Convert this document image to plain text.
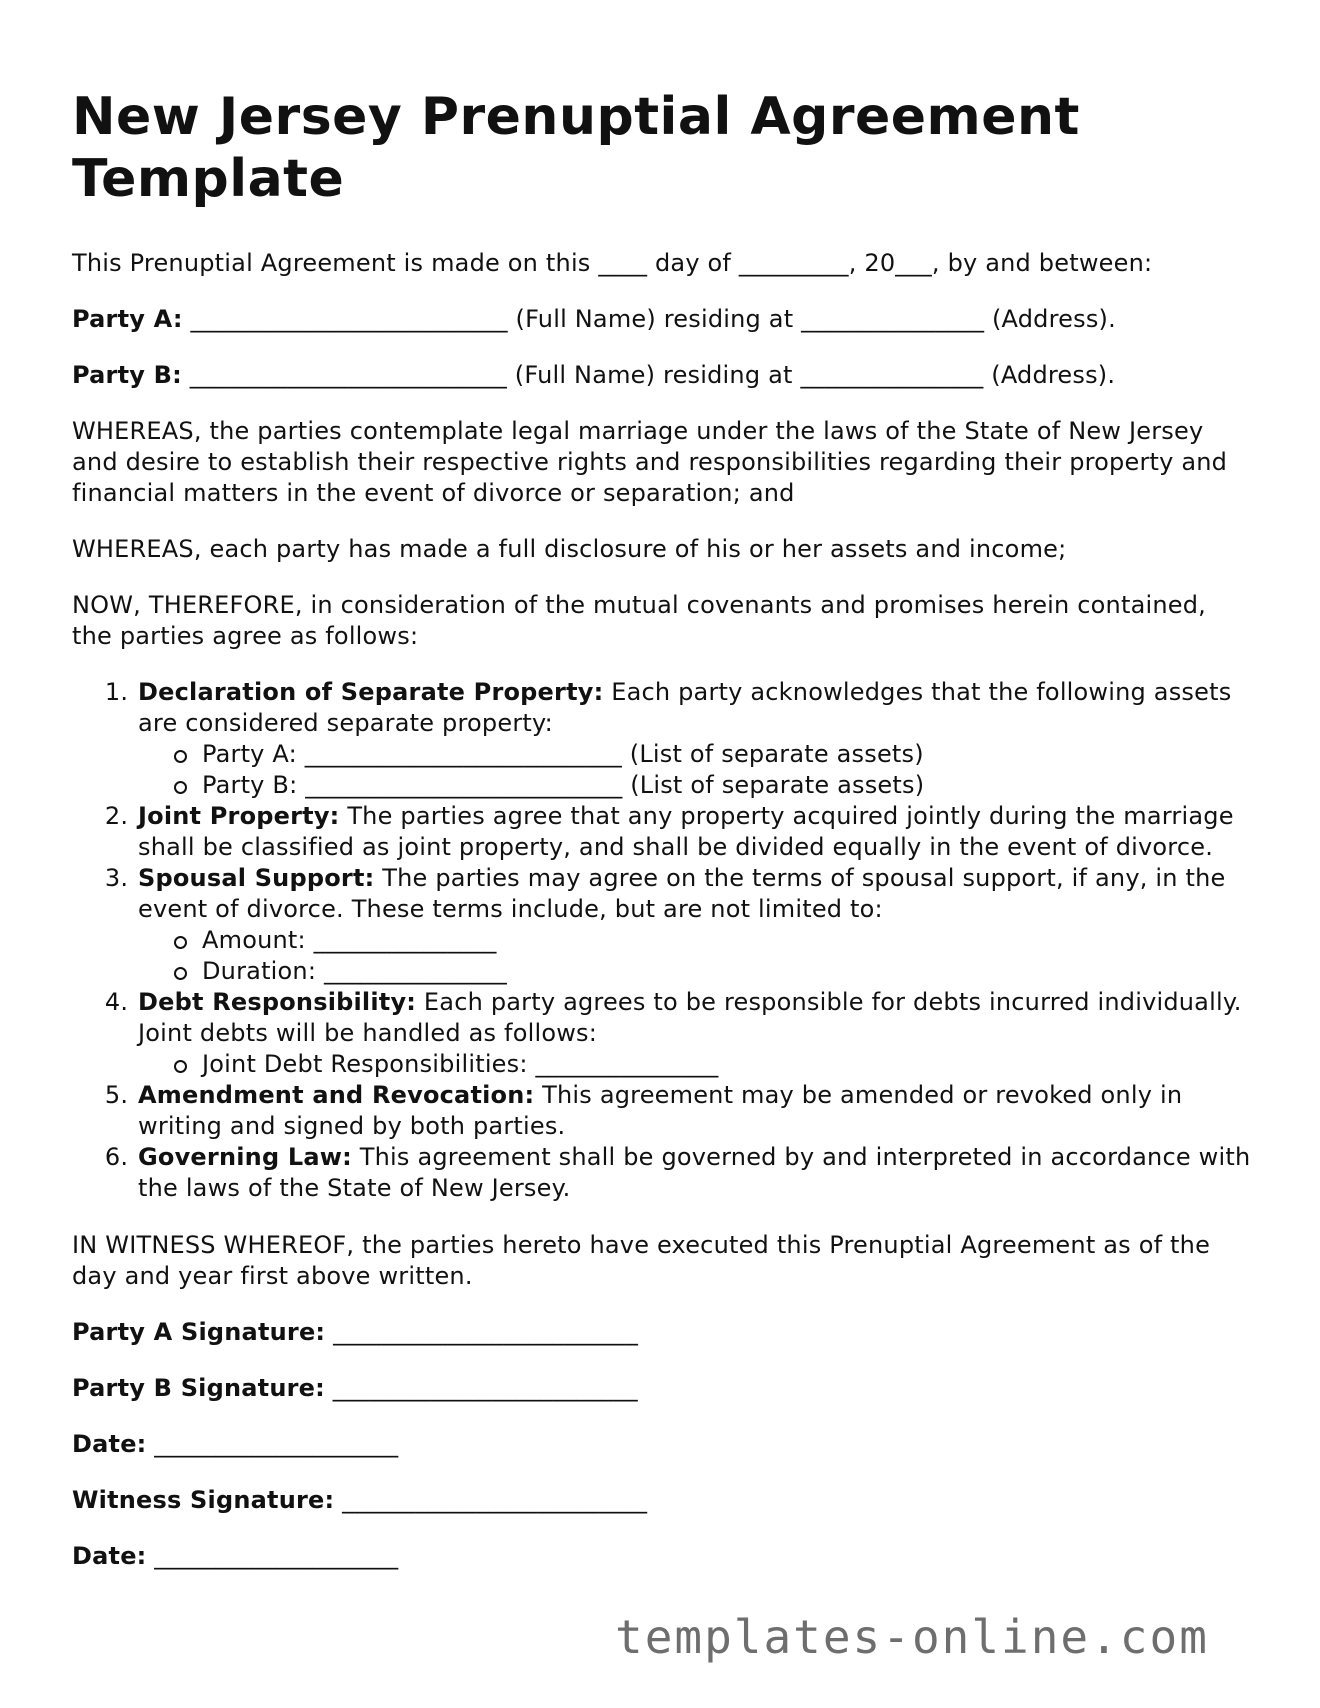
New Jersey Prenuptial Agreement Template

This Prenuptial Agreement is made on this ____ day of _________, 20___, by and between:

Party A: __________________________ (Full Name) residing at _______________ (Address).
Party B: __________________________ (Full Name) residing at _______________ (Address).

WHEREAS, the parties contemplate legal marriage under the laws of the State of New Jersey and desire to establish their respective rights and responsibilities regarding their property and financial matters in the event of divorce or separation; and

WHEREAS, each party has made a full disclosure of his or her assets and income;

NOW, THEREFORE, in consideration of the mutual covenants and promises herein contained, the parties agree as follows:

1. Declaration of Separate Property: Each party acknowledges that the following assets are considered separate property:
Party A: __________________________ (List of separate assets)
Party B: __________________________ (List of separate assets)
2. Joint Property: The parties agree that any property acquired jointly during the marriage shall be classified as joint property, and shall be divided equally in the event of divorce.
3. Spousal Support: The parties may agree on the terms of spousal support, if any, in the event of divorce. These terms include, but are not limited to:
Amount: _______________
Duration: _______________
4. Debt Responsibility: Each party agrees to be responsible for debts incurred individually. Joint debts will be handled as follows:
Joint Debt Responsibilities: _______________
5. Amendment and Revocation: This agreement may be amended or revoked only in writing and signed by both parties.
6. Governing Law: This agreement shall be governed by and interpreted in accordance with the laws of the State of New Jersey.

IN WITNESS WHEREOF, the parties hereto have executed this Prenuptial Agreement as of the day and year first above written.

Party A Signature: _________________________
Party B Signature: _________________________
Date: ____________________
Witness Signature: _________________________
Date: ____________________
templates-online.com
